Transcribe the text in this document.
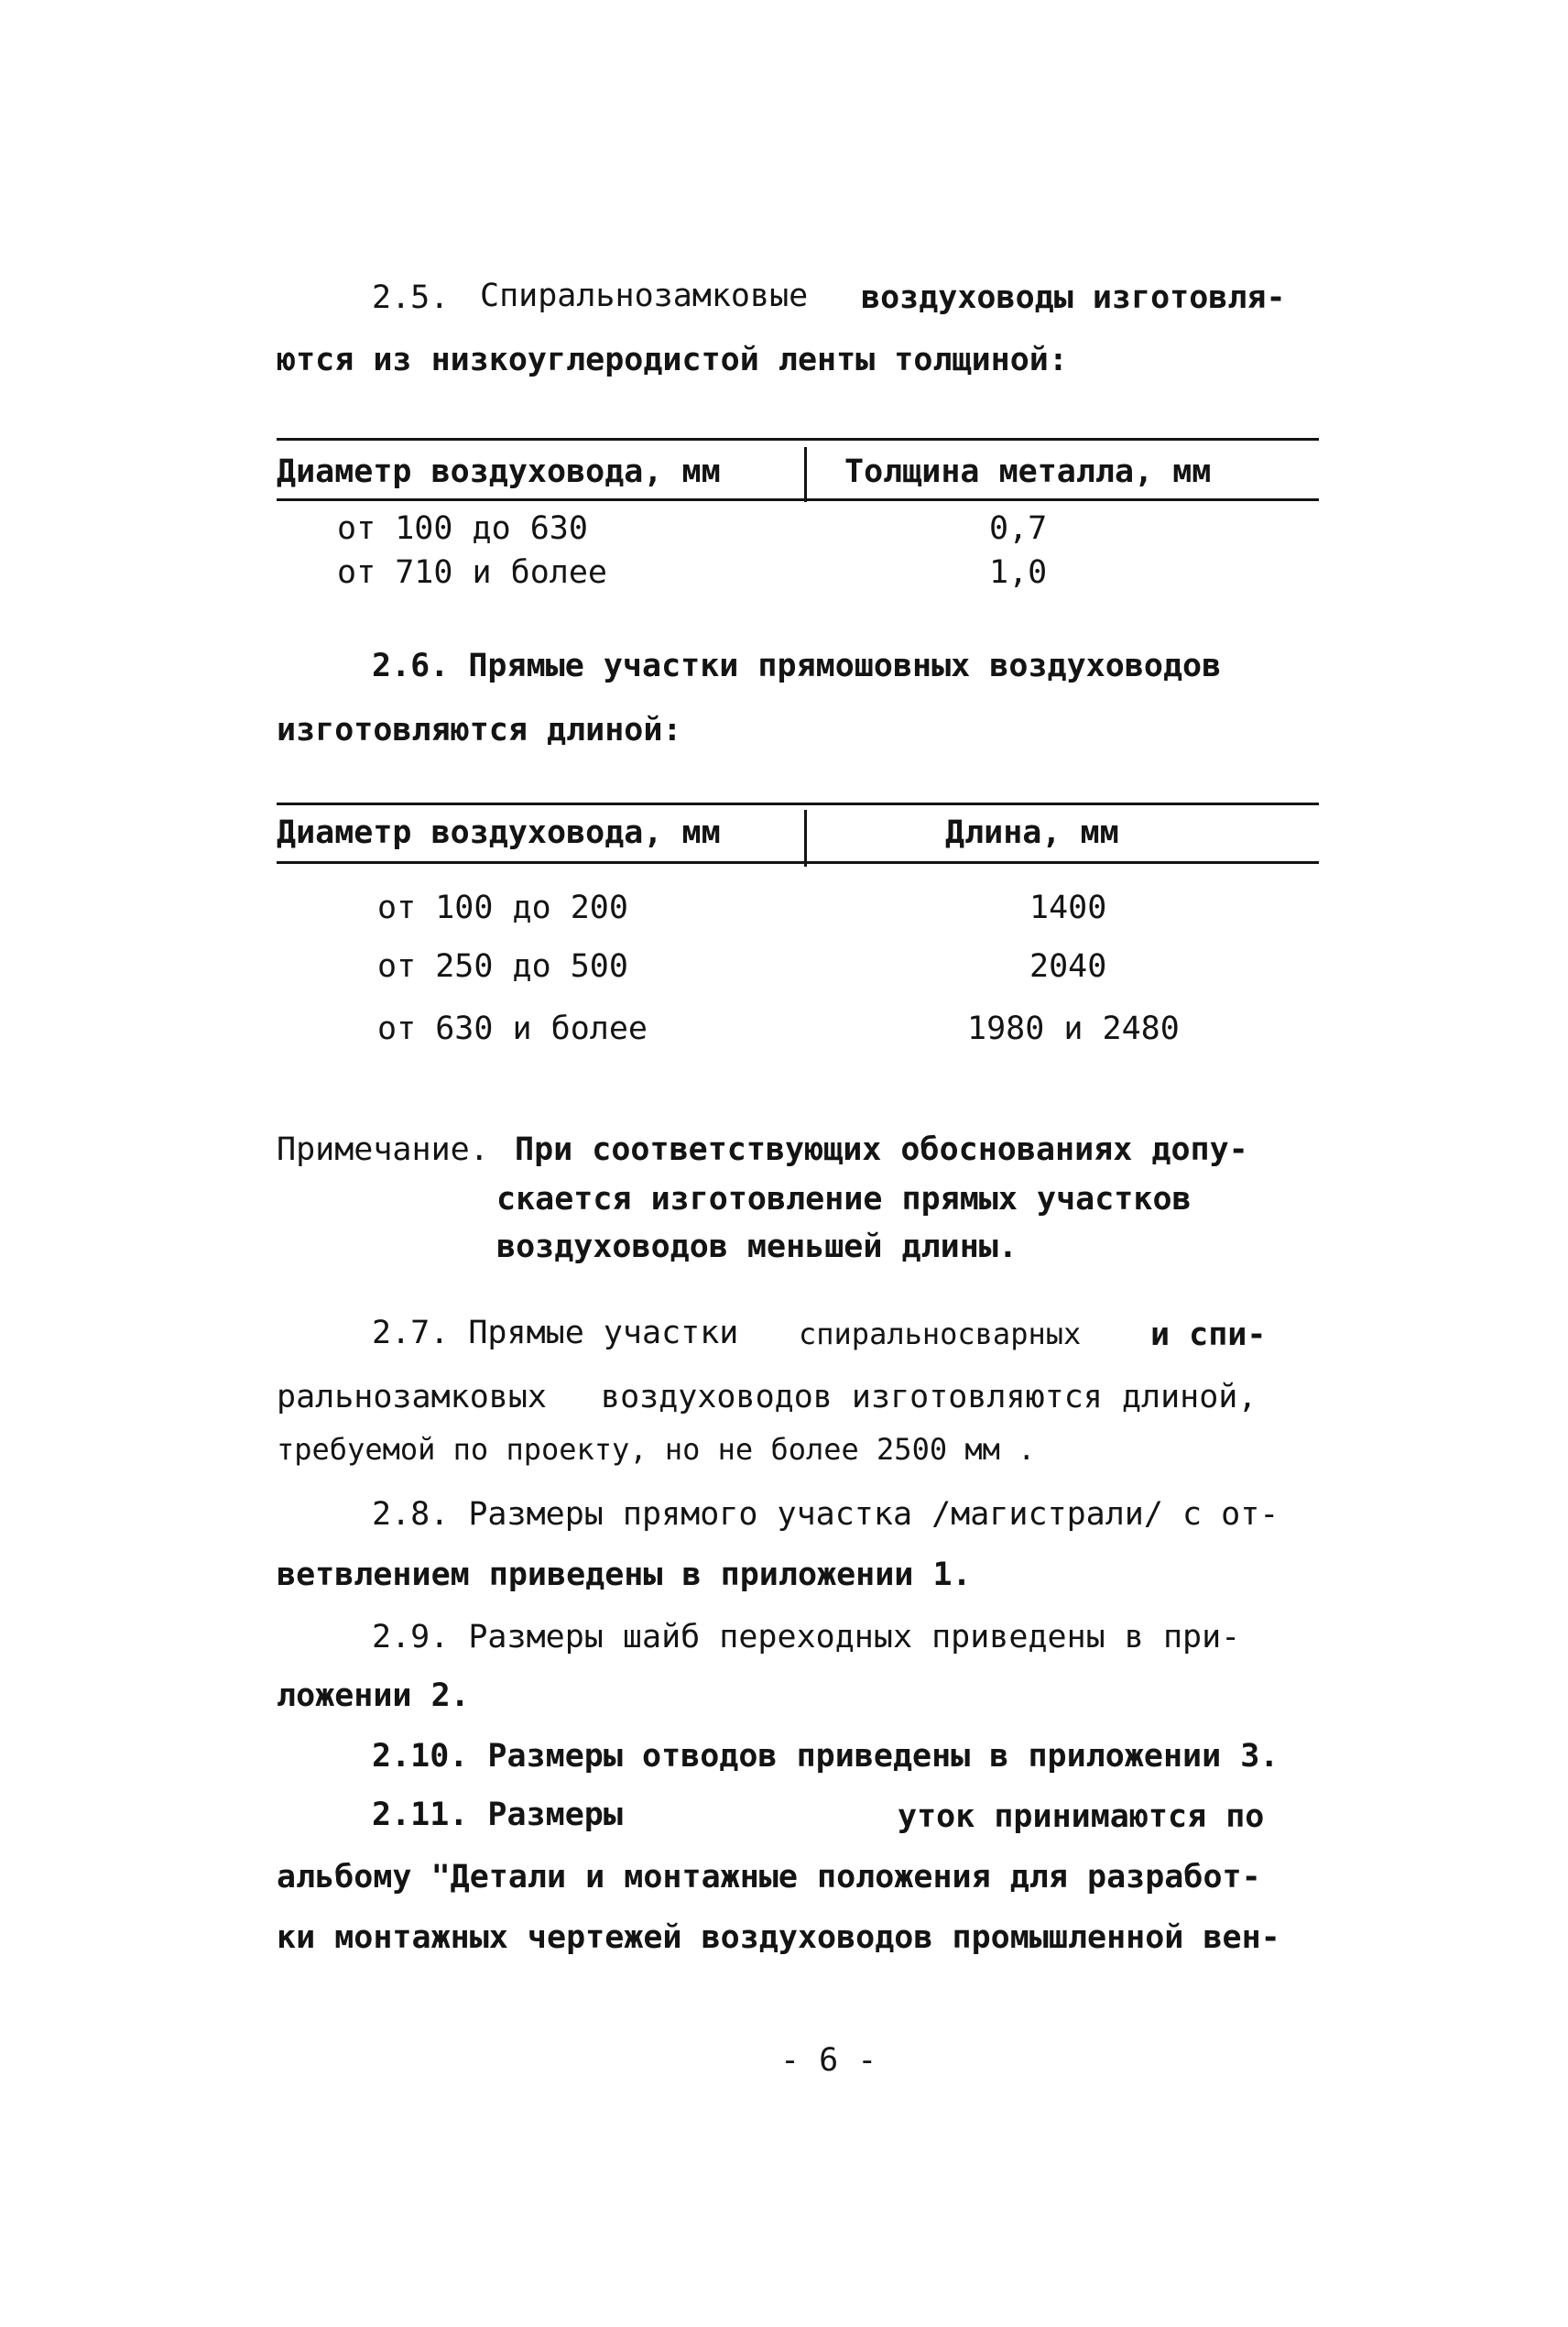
2.5. Спиральнозамковые воздуховоды изготовля-
ются из низкоуглеродистой ленты толщиной:
Диаметр воздуховода, мм	Толщина металла, мм
от 100 до 630	0,7
от 710 и более	1,0
2.6. Прямые участки прямошовных воздуховодов
изготовляются длиной:
Диаметр воздуховода, мм	Длина, мм
от 100 до 200	1400
от 250 до 500	2040
от 630 и более	1980 и 2480
Примечание. При соответствующих обоснованиях допу-
скается изготовление прямых участков
воздуховодов меньшей длины.
2.7. Прямые участки спиральносварных и спи-
ральнозамковых воздуховодов изготовляются длиной,
требуемой по проекту, но не более 2500 мм .
2.8. Размеры прямого участка /магистрали/ с от-
ветвлением приведены в приложении 1.
2.9. Размеры шайб переходных приведены в при-
ложении 2.
2.10. Размеры отводов приведены в приложении 3.
2.11. Размеры	уток принимаются по
альбому "Детали и монтажные положения для разработ-
ки монтажных чертежей воздуховодов промышленной вен-
- 6 -
